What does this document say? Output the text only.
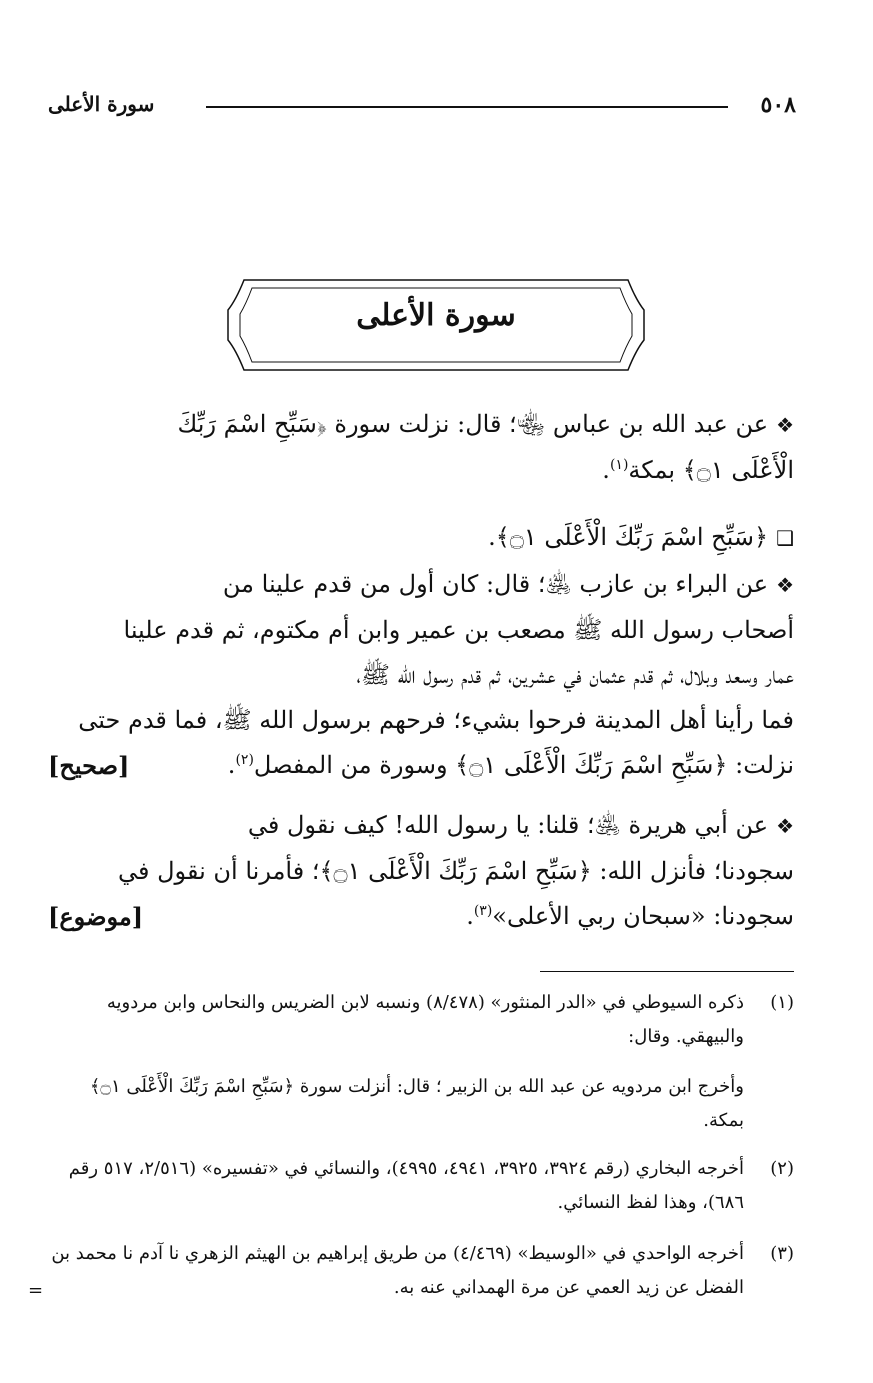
٥٠٨
سورة الأعلى
سورة الأعلى
❖عن عبد الله بن عباس ﵄؛ قال: نزلت سورة ﴿سَبِّحِ اسْمَ رَبِّكَ
الْأَعْلَى ۝١﴾ بمكة$^{(١)}$.
❑﴿سَبِّحِ اسْمَ رَبِّكَ الْأَعْلَى ۝١﴾.
❖عن البراء بن عازب ﵁؛ قال: كان أول من قدم علينا من
أصحاب رسول الله ﷺ مصعب بن عمير وابن أم مكتوم، ثم قدم علينا
عمار وسعد وبلال، ثم قدم عثمان في عشرين، ثم قدم رسول الله ﷺ،
فما رأينا أهل المدينة فرحوا بشيء؛ فرحهم برسول الله ﷺ، فما قدم حتى
نزلت: ﴿سَبِّحِ اسْمَ رَبِّكَ الْأَعْلَى ۝١﴾ وسورة من المفصل$^{(٢)}$.
[صحيح]
❖عن أبي هريرة ﵁؛ قلنا: يا رسول الله! كيف نقول في
سجودنا؛ فأنزل الله: ﴿سَبِّحِ اسْمَ رَبِّكَ الْأَعْلَى ۝١﴾؛ فأمرنا أن نقول في
سجودنا: «سبحان ربي الأعلى»$^{(٣)}$.
[موضوع]
(١)
ذكره السيوطي في «الدر المنثور» (٨/٤٧٨) ونسبه لابن الضريس والنحاس وابن مردويه والبيهقي. وقال:
وأخرج ابن مردويه عن عبد الله بن الزبير ؛ قال: أنزلت سورة ﴿سَبِّحِ اسْمَ رَبِّكَ الْأَعْلَى ۝١﴾ بمكة.
(٢)
أخرجه البخاري (رقم ٣٩٢٤، ٣٩٢٥، ٤٩٤١، ٤٩٩٥)، والنسائي في «تفسيره» (٢/٥١٦، ٥١٧ رقم ٦٨٦)، وهذا لفظ النسائي.
(٣)
أخرجه الواحدي في «الوسيط» (٤/٤٦٩) من طريق إبراهيم بن الهيثم الزهري نا آدم نا محمد بن الفضل عن زيد العمي عن مرة الهمداني عنه به.
=
